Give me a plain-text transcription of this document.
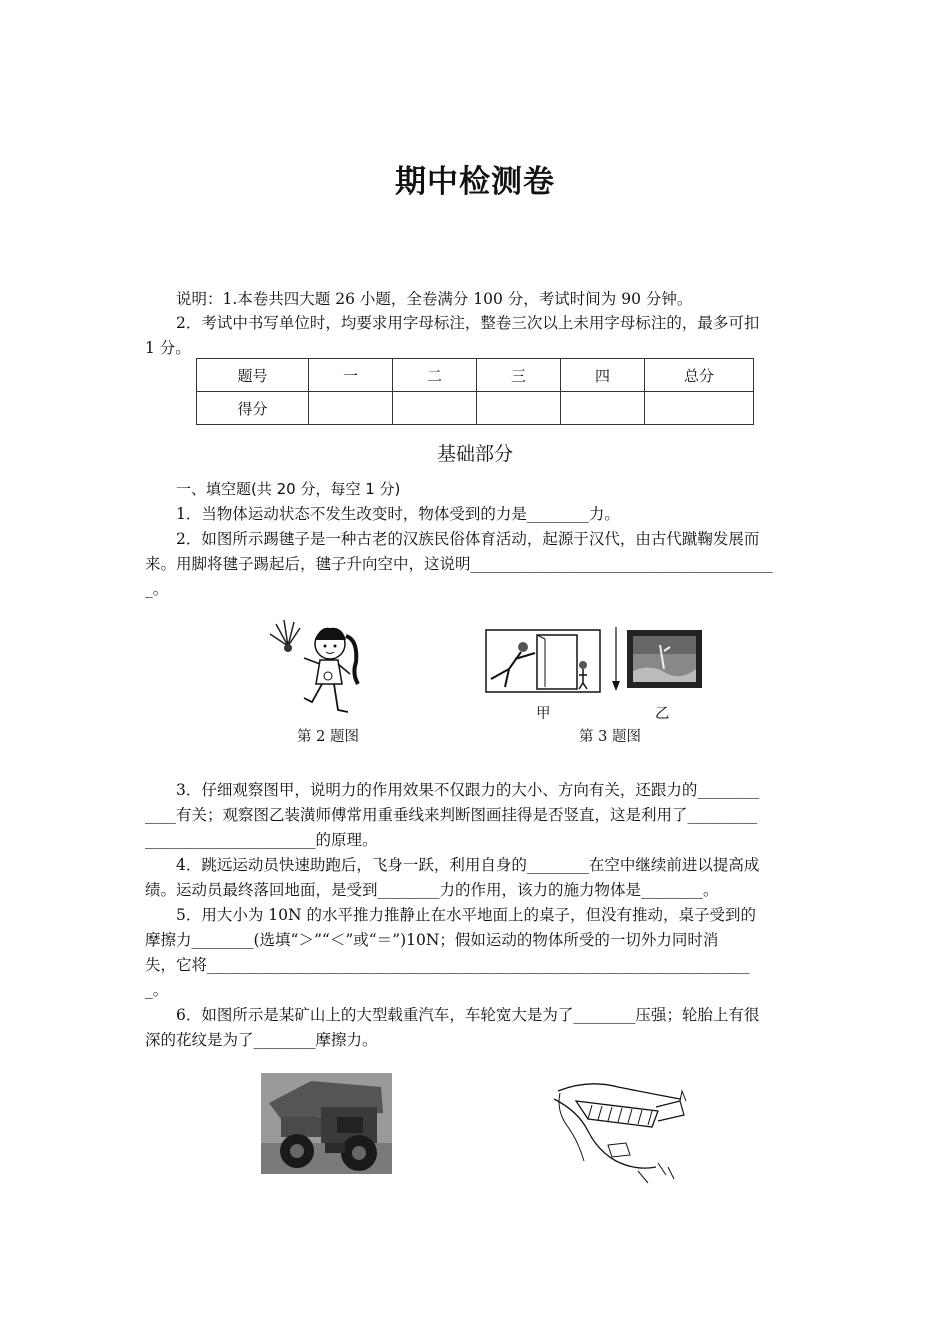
期中检测卷
说明：1.本卷共四大题 26 小题，全卷满分 100 分，考试时间为 90 分钟。
2．考试中书写单位时，均要求用字母标注，整卷三次以上未用字母标注的，最多可扣
1 分。
题号	一	二	三	四	总分
得分					
基础部分
一、填空题(共 20 分，每空 1 分)
1．当物体运动状态不发生改变时，物体受到的力是________力。
2．如图所示踢毽子是一种古老的汉族民俗体育活动，起源于汉代，由古代蹴鞠发展而
来。用脚将毽子踢起后，毽子升向空中，这说明_______________________________________
_。
甲	乙
第 2 题图	第 3 题图
3．仔细观察图甲，说明力的作用效果不仅跟力的大小、方向有关，还跟力的________
____有关；观察图乙装潢师傅常用重垂线来判断图画挂得是否竖直，这是利用了_________
______________________的原理。
4．跳远运动员快速助跑后，飞身一跃，利用自身的________在空中继续前进以提高成
绩。运动员最终落回地面，是受到________力的作用，该力的施力物体是________。
5．用大小为 10N 的水平推力推静止在水平地面上的桌子，但没有推动，桌子受到的
摩擦力________(选填“＞”“＜”或“＝”)10N；假如运动的物体所受的一切外力同时消
失，它将______________________________________________________________________
_。
6．如图所示是某矿山上的大型载重汽车，车轮宽大是为了________压强；轮胎上有很
深的花纹是为了________摩擦力。
